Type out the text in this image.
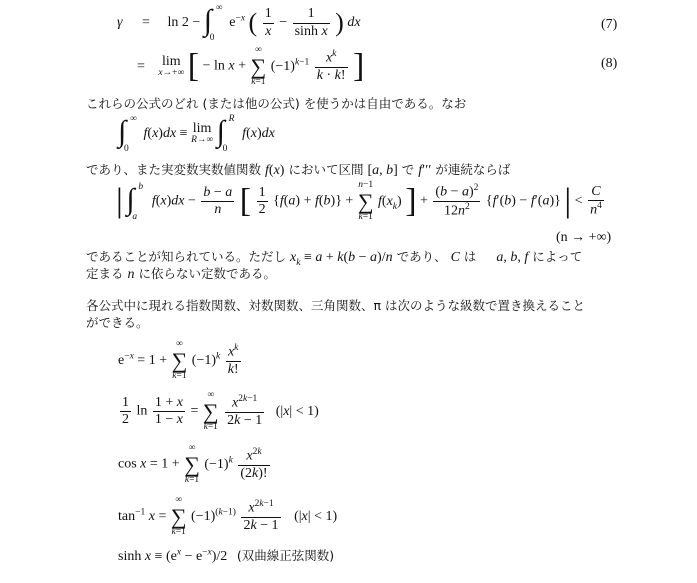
γ = ln 2 − ∫ ∞
0
$e^{-x}$ ( $\frac{1}{x} - \frac{1}{\text{sinh x}}$ ) dx	(7)
= lim
x→+∞ [ − ln x +
∞
∑
k=1
$(-1)^{k-1} \frac{x^k}{k \cdot k!}$ ]	(8)
これらの公式のどれ (または他の公式) を使うかは自由である。なお
∫ ∞
0
f(x)dx ≡ lim
R→∞
∫ R
0
f(x)dx
であり、また実変数実数値関数 f(x) において区間 [a, b] で f′′′ が連続ならば
| ∫ b
a
$f(x)dx - \frac{b - a}{n}$ [ $\frac{1}{2} \{f(a) + f(b)\}$ +
n−1
∑
k=1
$f(x_k)$ ] + $\frac{(b - a)^2}{12n^2} \{f'(b) - f'(a)\}$ | < $\frac{C}{n^4}$
(n → +∞)
であることが知られている。ただし $x_k \equiv a + k(b - a)/n$ であり、 C は a, b, f によって
定まる n に依らない定数である。
各公式中に現れる指数関数、対数関数、三角関数、π は次のような級数で置き換えること
ができる。
$e^{-x} = 1$ +
∞
∑
k=1
$(-1)^k \frac{x^k}{k!}$
$\frac{1}{2}$ $\ln \frac{1 + x}{1 - x}$ =
∞
∑
k=1
$\frac{x^{2k-1}}{2k - 1} (|x| < 1)$
cos x = 1 +
∞
∑
k=1
$(-1)^k \frac{x^{2k}}{(2k)!}$
$\tan^{-1} x$ =
∞
∑
k=1
$(-1)^{(k-1)} \frac{x^{2k-1}}{2k - 1} (|x| < 1)$
$\sinh x \equiv (e^x - e^{-x})/2$ (双曲線正弦関数)
